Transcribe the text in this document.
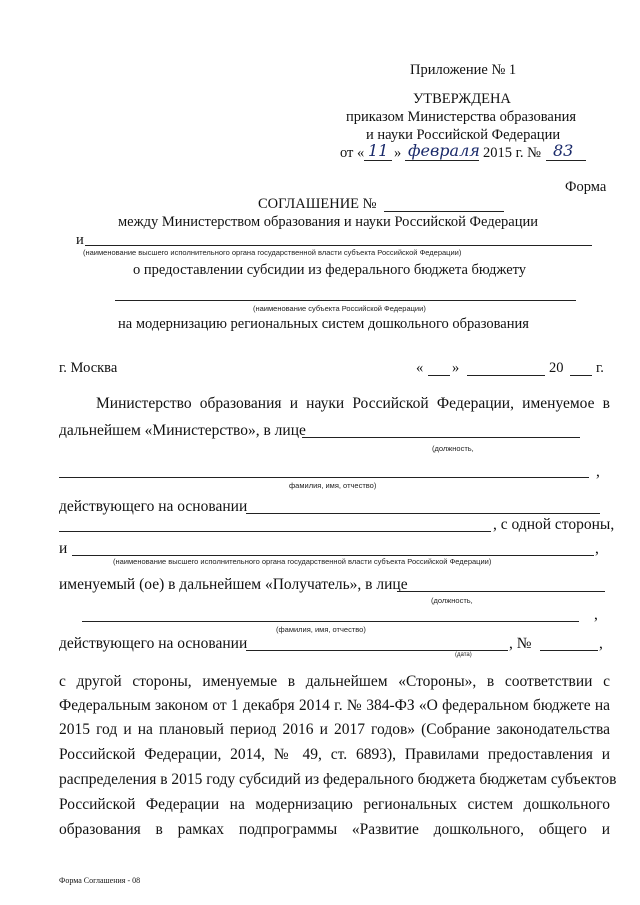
Приложение № 1
УТВЕРЖДЕНА
приказом Министерства образования
и науки Российской Федерации
от « 11 » февраля 2015 г. № 83
Форма
СОГЛАШЕНИЕ №
между Министерством образования и науки Российской Федерации
и
(наименование высшего исполнительного органа государственной власти субъекта Российской Федерации)
о предоставлении субсидии из федерального бюджета бюджету
(наименование субъекта Российской Федерации)
на модернизацию региональных систем дошкольного образования
г. Москва	« »	20 г.
Министерство образования и науки Российской Федерации, именуемое в
дальнейшем «Министерство», в лице
(должность,
,
фамилия, имя, отчество)
действующего на основании
, с одной стороны,
и	,
(наименование высшего исполнительного органа государственной власти субъекта Российской Федерации)
именуемый (ое) в дальнейшем «Получатель», в лице
(должность,
,
(фамилия, имя, отчество)
действующего на основании	, №	,
(дата)
с другой стороны, именуемые в дальнейшем «Стороны», в соответствии с
Федеральным законом от 1 декабря 2014 г. № 384-ФЗ «О федеральном бюджете на
2015 год и на плановый период 2016 и 2017 годов» (Собрание законодательства
Российской Федерации, 2014, № 49, ст. 6893), Правилами предоставления и
распределения в 2015 году субсидий из федерального бюджета бюджетам субъектов
Российской Федерации на модернизацию региональных систем дошкольного
образования в рамках подпрограммы «Развитие дошкольного, общего и
Форма Соглашения - 08
